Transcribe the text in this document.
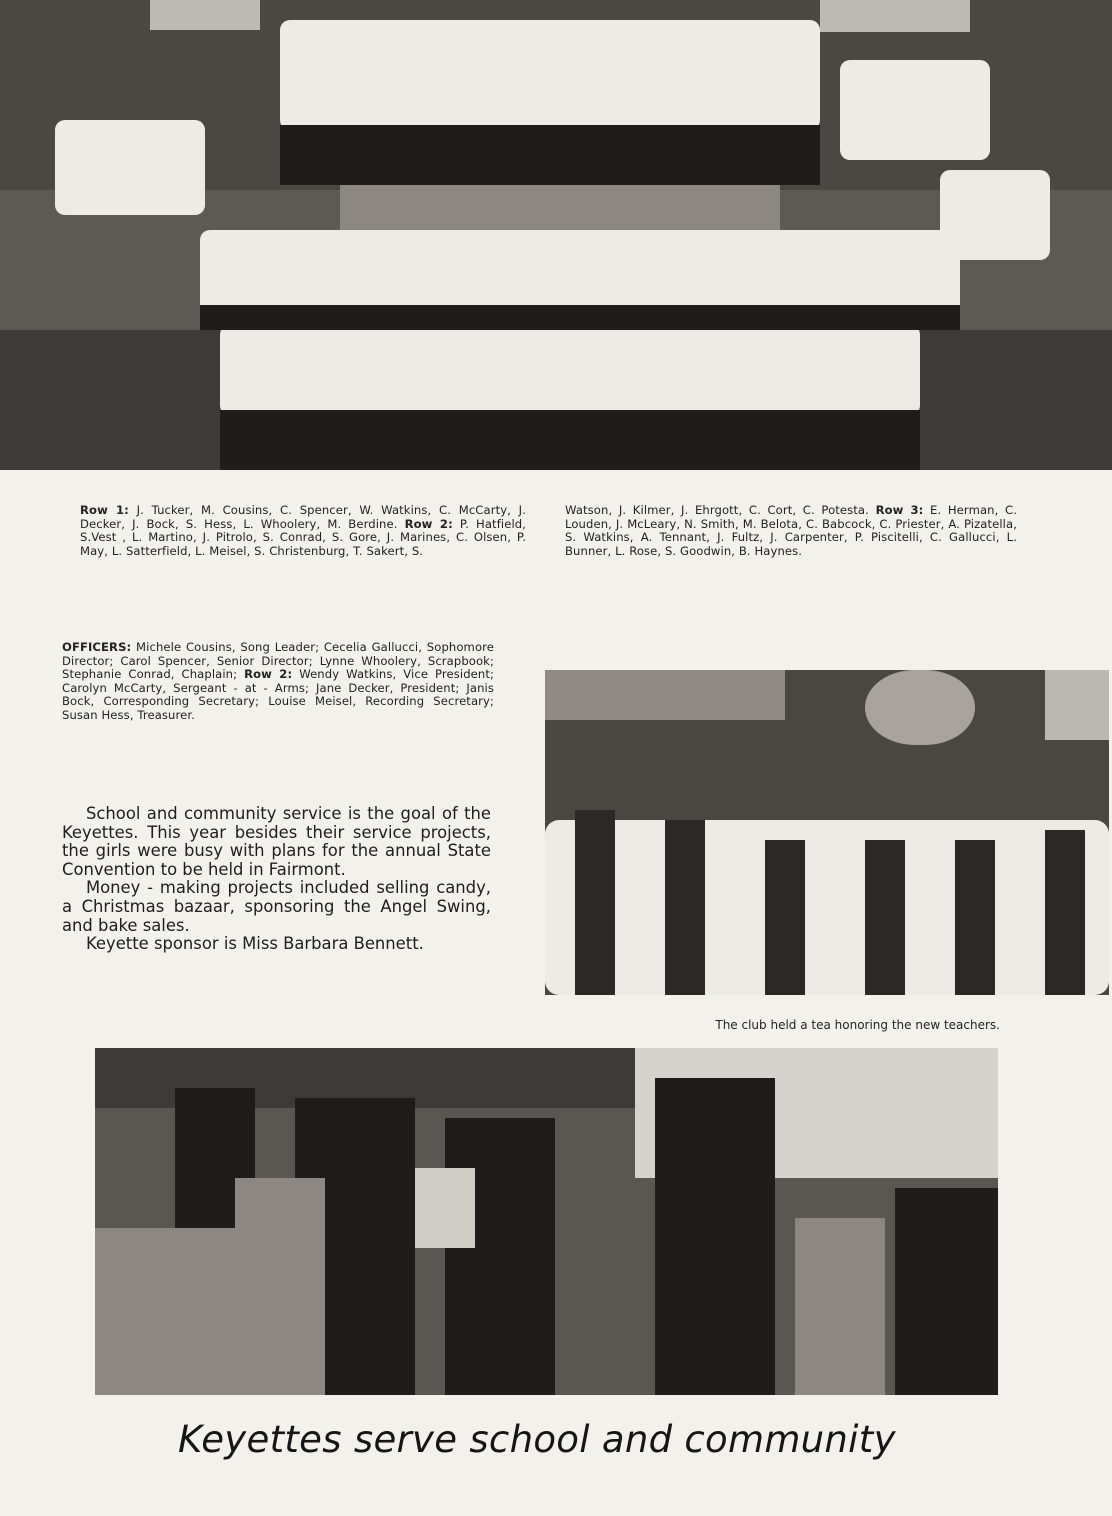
Row 1: J. Tucker, M. Cousins, C. Spencer, W. Watkins, C. McCarty, J. Decker, J. Bock, S. Hess, L. Whoolery, M. Berdine. Row 2: P. Hatfield, S.Vest , L. Martino, J. Pitrolo, S. Conrad, S. Gore, J. Marines, C. Olsen, P. May, L. Satterfield, L. Meisel, S. Christenburg, T. Sakert, S.
Watson, J. Kilmer, J. Ehrgott, C. Cort, C. Potesta. Row 3: E. Herman, C. Louden, J. McLeary, N. Smith, M. Belota, C. Babcock, C. Priester, A. Pizatella, S. Watkins, A. Tennant, J. Fultz, J. Carpenter, P. Piscitelli, C. Gallucci, L. Bunner, L. Rose, S. Goodwin, B. Haynes.
OFFICERS: Michele Cousins, Song Leader; Cecelia Gallucci, Sophomore Director; Carol Spencer, Senior Director; Lynne Whoolery, Scrapbook; Stephanie Conrad, Chaplain; Row 2: Wendy Watkins, Vice President; Carolyn McCarty, Sergeant - at - Arms; Jane Decker, President; Janis Bock, Corresponding Secretary; Louise Meisel, Recording Secretary; Susan Hess, Treasurer.

School and community service is the goal of the Keyettes. This year besides their service projects, the girls were busy with plans for the annual State Convention to be held in Fairmont.

Money - making projects included selling candy, a Christmas bazaar, sponsoring the Angel Swing, and bake sales.

Keyette sponsor is Miss Barbara Bennett.

The club held a tea honoring the new teachers.
Keyettes serve school and community
